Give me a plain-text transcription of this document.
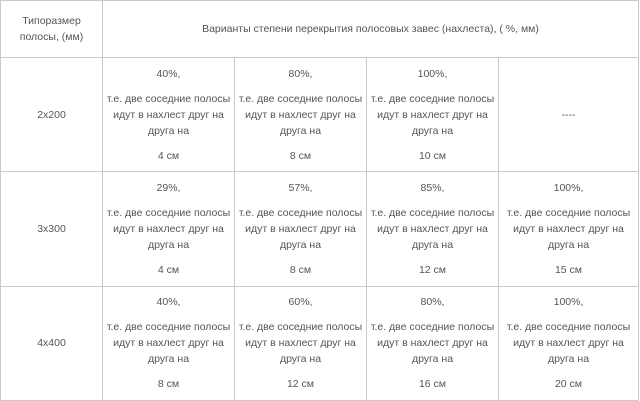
Типоразмер полосы, (мм)	Варианты степени перекрытия полосовых завес (нахлеста), ( %, мм)			
2x200	40%,
т.е. две соседние полосы идут в нахлест друг на друга на
4 см	80%,
т.е. две соседние полосы идут в нахлест друг на друга на
8 см	100%,
т.е. две соседние полосы идут в нахлест друг на друга на
10 см	----

3x300	29%,
т.е. две соседние полосы идут в нахлест друг на друга на
4 см	57%,
т.е. две соседние полосы идут в нахлест друг на друга на
8 см	85%,
т.е. две соседние полосы идут в нахлест друг на друга на
12 см	100%,
т.е. две соседние полосы идут в нахлест друг на друга на
15 см

4x400	40%,
т.е. две соседние полосы идут в нахлест друг на друга на
8 см	60%,
т.е. две соседние полосы идут в нахлест друг на друга на
12 см	80%,
т.е. две соседние полосы идут в нахлест друг на друга на
16 см	100%,
т.е. две соседние полосы идут в нахлест друг на друга на
20 см
